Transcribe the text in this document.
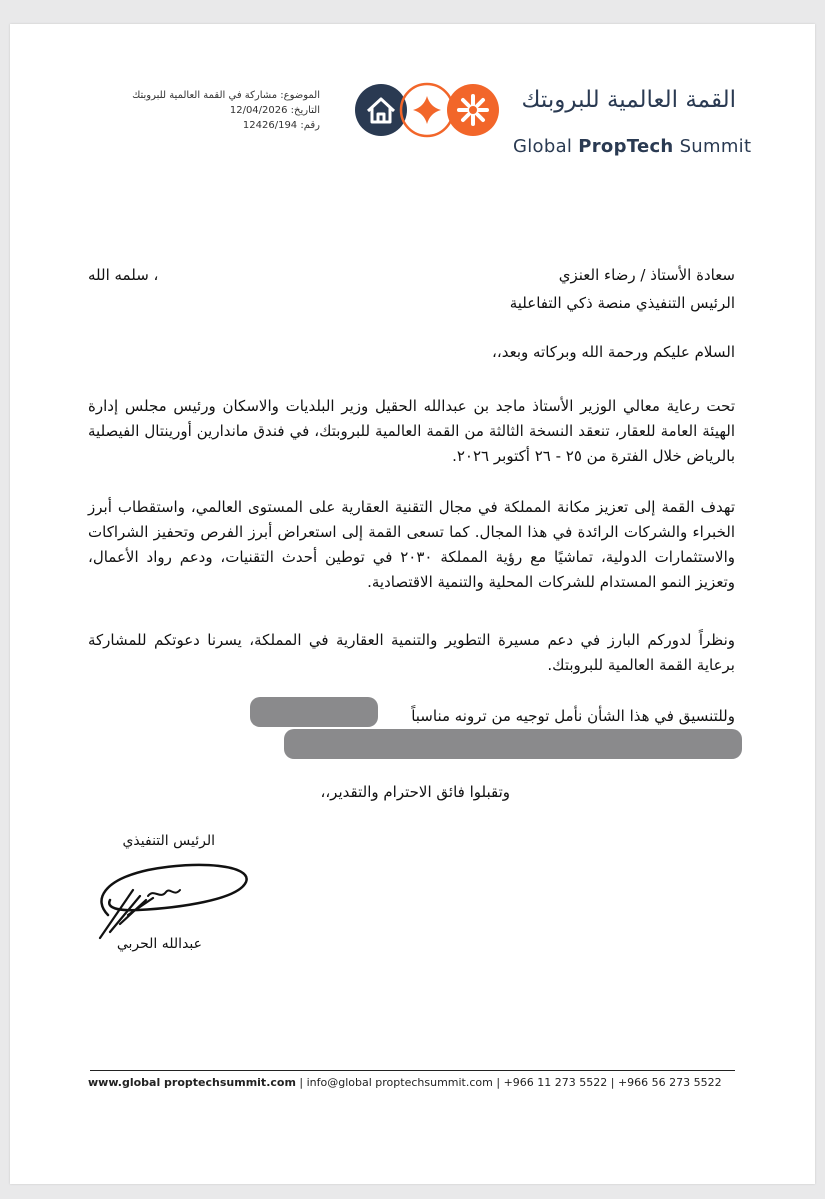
الموضوع: مشاركة في القمة العالمية للبروبتك
التاريخ: 12/04/2026
رقم: 12426/194
القمة العالمية للبروبتك
Global PropTech Summit
سعادة الأستاذ / رضاء العنزي
، سلمه الله
الرئيس التنفيذي منصة ذكي التفاعلية
السلام عليكم ورحمة الله وبركاته وبعد،،
تحت رعاية معالي الوزير الأستاذ ماجد بن عبدالله الحقيل وزير البلديات والاسكان ورئيس مجلس إدارة الهيئة العامة للعقار، تنعقد النسخة الثالثة من القمة العالمية للبروبتك، في فندق ماندارين أورينتال الفيصلية بالرياض خلال الفترة من ٢٥ - ٢٦ أكتوبر ٢٠٢٦.
تهدف القمة إلى تعزيز مكانة المملكة في مجال التقنية العقارية على المستوى العالمي، واستقطاب أبرز الخبراء والشركات الرائدة في هذا المجال. كما تسعى القمة إلى استعراض أبرز الفرص وتحفيز الشراكات والاستثمارات الدولية، تماشيًا مع رؤية المملكة ٢٠٣٠ في توطين أحدث التقنيات، ودعم رواد الأعمال، وتعزيز النمو المستدام للشركات المحلية والتنمية الاقتصادية.
ونظراً لدوركم البارز في دعم مسيرة التطوير والتنمية العقارية في المملكة، يسرنا دعوتكم للمشاركة برعاية القمة العالمية للبروبتك.
وللتنسيق في هذا الشأن نأمل توجيه من ترونه مناسباً
وتقبلوا فائق الاحترام والتقدير،،
الرئيس التنفيذي
عبدالله الحربي
www.global proptechsummit.com | info@global proptechsummit.com | +966 11 273 5522 | +966 56 273 5522
